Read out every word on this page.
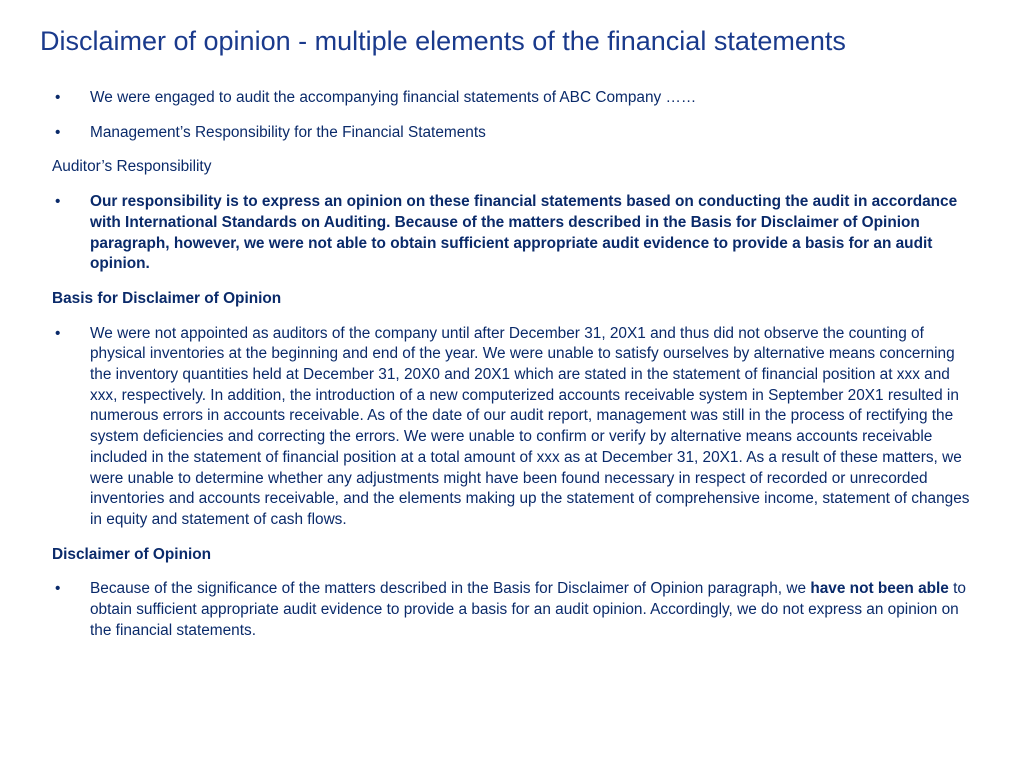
Disclaimer of opinion - multiple elements of the financial statements
• We were engaged to audit the accompanying financial statements of ABC Company ……
• Management’s Responsibility for the Financial Statements
Auditor’s Responsibility
• Our responsibility is to express an opinion on these financial statements based on conducting the audit in accordance with International Standards on Auditing. Because of the matters described in the Basis for Disclaimer of Opinion paragraph, however, we were not able to obtain sufficient appropriate audit evidence to provide a basis for an audit opinion.
Basis for Disclaimer of Opinion
• We were not appointed as auditors of the company until after December 31, 20X1 and thus did not observe the counting of physical inventories at the beginning and end of the year. We were unable to satisfy ourselves by alternative means concerning the inventory quantities held at December 31, 20X0 and 20X1 which are stated in the statement of financial position at xxx and xxx, respectively. In addition, the introduction of a new computerized accounts receivable system in September 20X1 resulted in numerous errors in accounts receivable. As of the date of our audit report, management was still in the process of rectifying the system deficiencies and correcting the errors. We were unable to confirm or verify by alternative means accounts receivable included in the statement of financial position at a total amount of xxx as at December 31, 20X1. As a result of these matters, we were unable to determine whether any adjustments might have been found necessary in respect of recorded or unrecorded inventories and accounts receivable, and the elements making up the statement of comprehensive income, statement of changes in equity and statement of cash flows.
Disclaimer of Opinion
• Because of the significance of the matters described in the Basis for Disclaimer of Opinion paragraph, we have not been able to obtain sufficient appropriate audit evidence to provide a basis for an audit opinion. Accordingly, we do not express an opinion on the financial statements.
